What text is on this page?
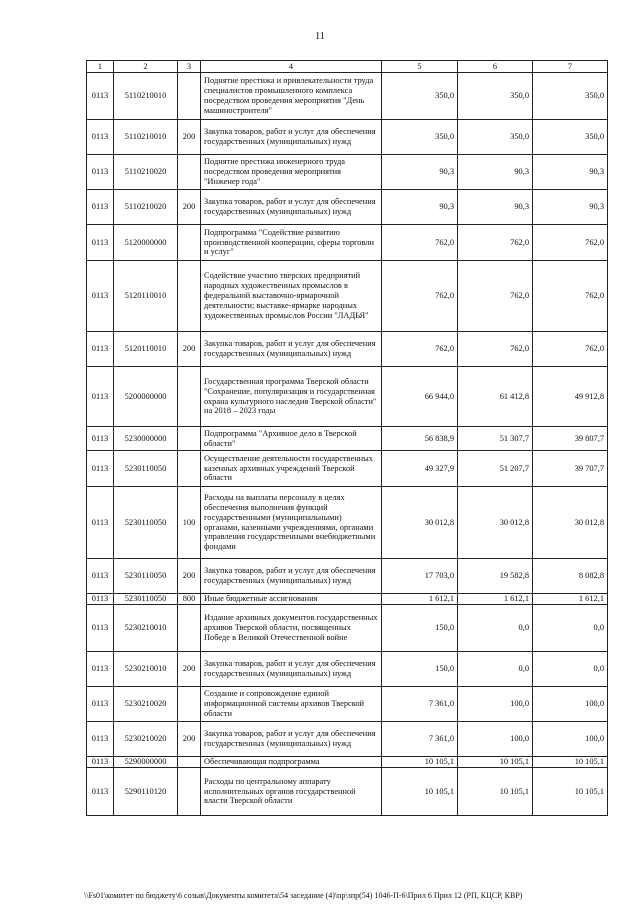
11
1	2	3	4	5	6	7
0113	5110210010		Поднятие престижа и привлекательности труда специалистов промышленного комплекса посредством проведения мероприятия "День машиностроителя"	350,0	350,0	350,0
0113	5110210010	200	Закупка товаров, работ и услуг для обеспечения государственных (муниципальных) нужд	350,0	350,0	350,0
0113	5110210020		Поднятие престижа инженерного труда посредством проведения мероприятия "Инженер года"	90,3	90,3	90,3
0113	5110210020	200	Закупка товаров, работ и услуг для обеспечения государственных (муниципальных) нужд	90,3	90,3	90,3
0113	5120000000		Подпрограмма "Содействие развитию производственной кооперации, сферы торговли и услуг"	762,0	762,0	762,0
0113	5120110010		Содействие участию тверских предприятий народных художественных промыслов в федеральной выставочно-ярмарочной деятельности; выставке-ярмарке народных художественных промыслов России "ЛАДЬЯ"	762,0	762,0	762,0
0113	5120110010	200	Закупка товаров, работ и услуг для обеспечения государственных (муниципальных) нужд	762,0	762,0	762,0
0113	5200000000		Государственная программа Тверской области "Сохранение, популяризация и государственная охрана культурного наследия Тверской области" на 2018 – 2023 годы	66 944,0	61 412,8	49 912,8
0113	5230000000		Подпрограмма "Архивное дело в Тверской области"	56 838,9	51 307,7	39 807,7
0113	5230110050		Осуществление деятельности государственных казенных архивных учреждений Тверской области	49 327,9	51 207,7	39 707,7
0113	5230110050	100	Расходы на выплаты персоналу в целях обеспечения выполнения функций государственными (муниципальными) органами, казенными учреждениями, органами управления государственными внебюджетными фондами	30 012,8	30 012,8	30 012,8
0113	5230110050	200	Закупка товаров, работ и услуг для обеспечения государственных (муниципальных) нужд	17 703,0	19 582,8	8 082,8
0113	5230110050	800	Иные бюджетные ассигнования	1 612,1	1 612,1	1 612,1
0113	5230210010		Издание архивных документов государственных архивов Тверской области, посвященных Победе в Великой Отечественной войне	150,0	0,0	0,0
0113	5230210010	200	Закупка товаров, работ и услуг для обеспечения государственных (муниципальных) нужд	150,0	0,0	0,0
0113	5230210020		Создание и сопровождение единой информационной системы архивов Тверской области	7 361,0	100,0	100,0
0113	5230210020	200	Закупка товаров, работ и услуг для обеспечения государственных (муниципальных) нужд	7 361,0	100,0	100,0
0113	5290000000		Обеспечивающая подпрограмма	10 105,1	10 105,1	10 105,1
0113	5290110120		Расходы по центральному аппарату исполнительных органов государственной власти Тверской области	10 105,1	10 105,1	10 105,1
\\Fs01\комитет по бюджету\6 созыв\Документы комитета\54 заседание (4)\пр\зпр(54) 1046-П-6\Прил 6 Прил 12 (РП, КЦСР, КВР)
